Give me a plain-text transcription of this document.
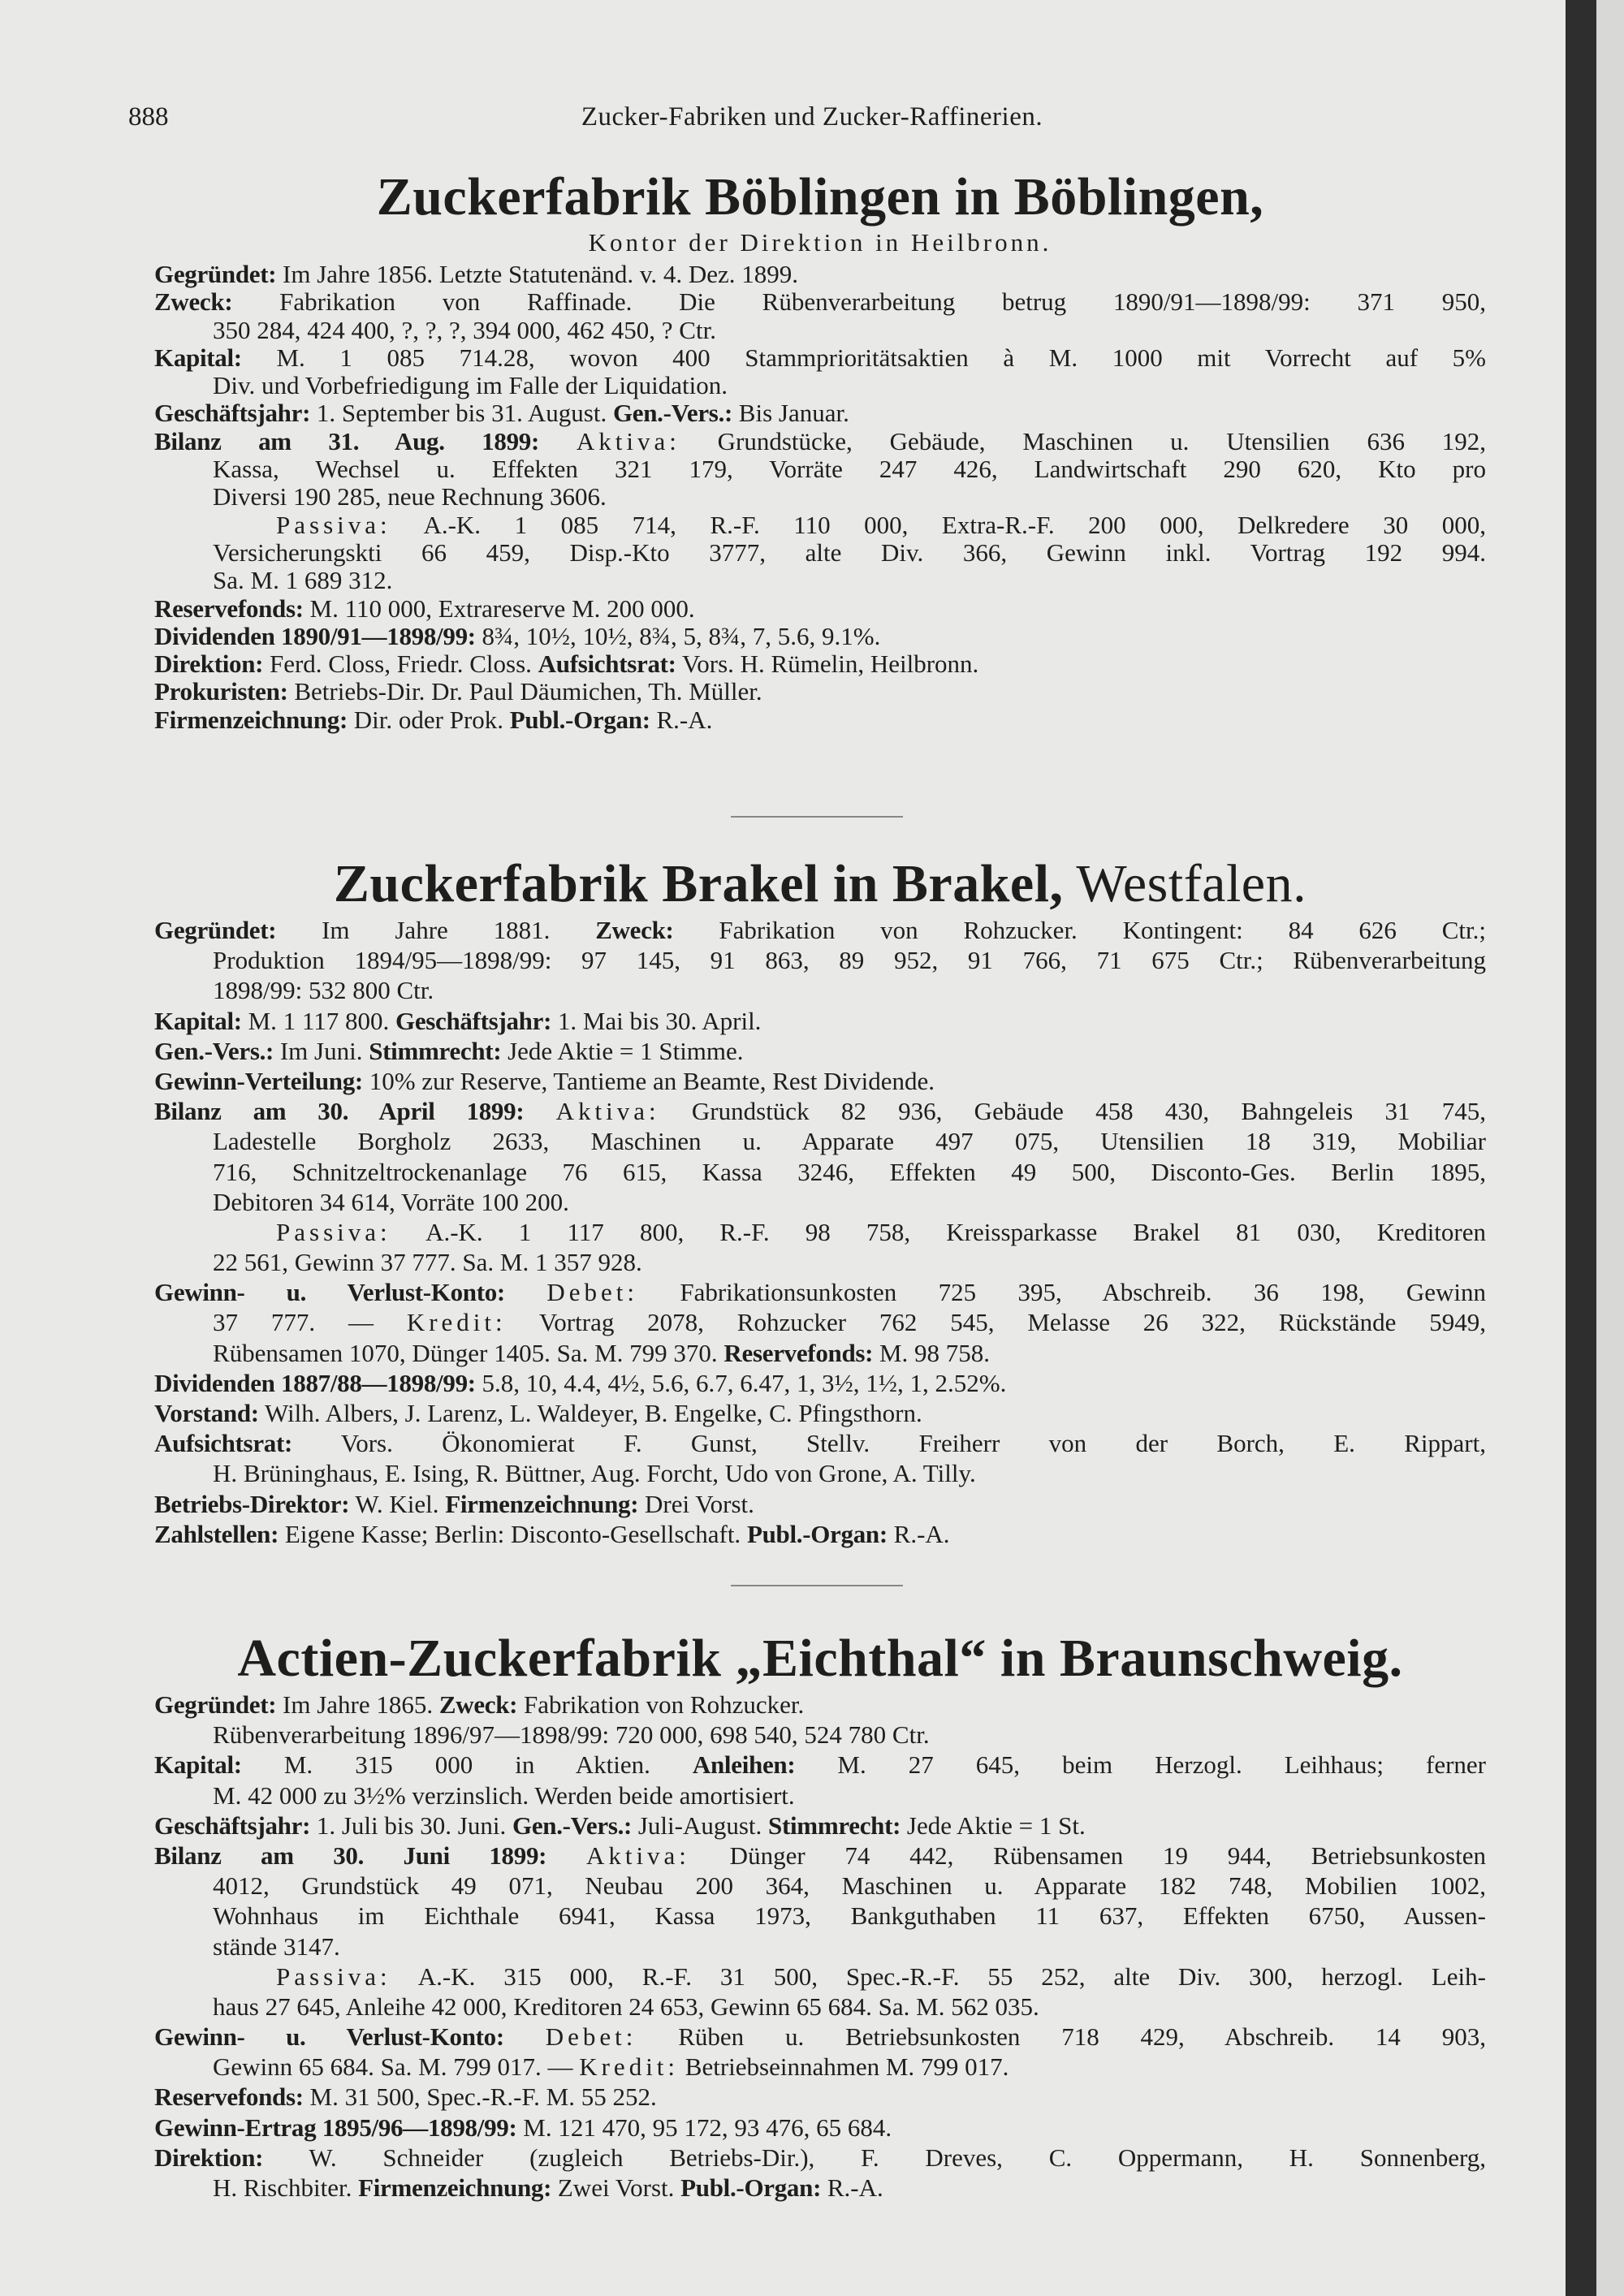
888	Zucker-Fabriken und Zucker-Raffinerien.
Zuckerfabrik Böblingen in Böblingen,
Kontor der Direktion in Heilbronn.
Gegründet: Im Jahre 1856. Letzte Statutenänd. v. 4. Dez. 1899.
Zweck: Fabrikation von Raffinade. Die Rübenverarbeitung betrug 1890/91—1898/99: 371 950,
350 284, 424 400, ?, ?, ?, 394 000, 462 450, ? Ctr.
Kapital: M. 1 085 714.28, wovon 400 Stammprioritätsaktien à M. 1000 mit Vorrecht auf 5%
Div. und Vorbefriedigung im Falle der Liquidation.
Geschäftsjahr: 1. September bis 31. August. Gen.-Vers.: Bis Januar.
Bilanz am 31. Aug. 1899: Aktiva: Grundstücke, Gebäude, Maschinen u. Utensilien 636 192,
Kassa, Wechsel u. Effekten 321 179, Vorräte 247 426, Landwirtschaft 290 620, Kto pro
Diversi 190 285, neue Rechnung 3606.
Passiva: A.-K. 1 085 714, R.-F. 110 000, Extra-R.-F. 200 000, Delkredere 30 000,
Versicherungskti 66 459, Disp.-Kto 3777, alte Div. 366, Gewinn inkl. Vortrag 192 994.
Sa. M. 1 689 312.
Reservefonds: M. 110 000, Extrareserve M. 200 000.
Dividenden 1890/91—1898/99: 8¾, 10½, 10½, 8¾, 5, 8¾, 7, 5.6, 9.1%.
Direktion: Ferd. Closs, Friedr. Closs. Aufsichtsrat: Vors. H. Rümelin, Heilbronn.
Prokuristen: Betriebs-Dir. Dr. Paul Däumichen, Th. Müller.
Firmenzeichnung: Dir. oder Prok. Publ.-Organ: R.-A.
Zuckerfabrik Brakel in Brakel, Westfalen.
Gegründet: Im Jahre 1881. Zweck: Fabrikation von Rohzucker. Kontingent: 84 626 Ctr.;
Produktion 1894/95—1898/99: 97 145, 91 863, 89 952, 91 766, 71 675 Ctr.; Rübenverarbeitung
1898/99: 532 800 Ctr.
Kapital: M. 1 117 800. Geschäftsjahr: 1. Mai bis 30. April.
Gen.-Vers.: Im Juni. Stimmrecht: Jede Aktie = 1 Stimme.
Gewinn-Verteilung: 10% zur Reserve, Tantieme an Beamte, Rest Dividende.
Bilanz am 30. April 1899: Aktiva: Grundstück 82 936, Gebäude 458 430, Bahngeleis 31 745,
Ladestelle Borgholz 2633, Maschinen u. Apparate 497 075, Utensilien 18 319, Mobiliar
716, Schnitzeltrockenanlage 76 615, Kassa 3246, Effekten 49 500, Disconto-Ges. Berlin 1895,
Debitoren 34 614, Vorräte 100 200.
Passiva: A.-K. 1 117 800, R.-F. 98 758, Kreissparkasse Brakel 81 030, Kreditoren
22 561, Gewinn 37 777. Sa. M. 1 357 928.
Gewinn- u. Verlust-Konto: Debet: Fabrikationsunkosten 725 395, Abschreib. 36 198, Gewinn
37 777. — Kredit: Vortrag 2078, Rohzucker 762 545, Melasse 26 322, Rückstände 5949,
Rübensamen 1070, Dünger 1405. Sa. M. 799 370. Reservefonds: M. 98 758.
Dividenden 1887/88—1898/99: 5.8, 10, 4.4, 4½, 5.6, 6.7, 6.47, 1, 3½, 1½, 1, 2.52%.
Vorstand: Wilh. Albers, J. Larenz, L. Waldeyer, B. Engelke, C. Pfingsthorn.
Aufsichtsrat: Vors. Ökonomierat F. Gunst, Stellv. Freiherr von der Borch, E. Rippart,
H. Brüninghaus, E. Ising, R. Büttner, Aug. Forcht, Udo von Grone, A. Tilly.
Betriebs-Direktor: W. Kiel. Firmenzeichnung: Drei Vorst.
Zahlstellen: Eigene Kasse; Berlin: Disconto-Gesellschaft. Publ.-Organ: R.-A.
Actien-Zuckerfabrik „Eichthal“ in Braunschweig.
Gegründet: Im Jahre 1865. Zweck: Fabrikation von Rohzucker.
Rübenverarbeitung 1896/97—1898/99: 720 000, 698 540, 524 780 Ctr.
Kapital: M. 315 000 in Aktien. Anleihen: M. 27 645, beim Herzogl. Leihhaus; ferner
M. 42 000 zu 3½% verzinslich. Werden beide amortisiert.
Geschäftsjahr: 1. Juli bis 30. Juni. Gen.-Vers.: Juli-August. Stimmrecht: Jede Aktie = 1 St.
Bilanz am 30. Juni 1899: Aktiva: Dünger 74 442, Rübensamen 19 944, Betriebsunkosten
4012, Grundstück 49 071, Neubau 200 364, Maschinen u. Apparate 182 748, Mobilien 1002,
Wohnhaus im Eichthale 6941, Kassa 1973, Bankguthaben 11 637, Effekten 6750, Aussen-
stände 3147.
Passiva: A.-K. 315 000, R.-F. 31 500, Spec.-R.-F. 55 252, alte Div. 300, herzogl. Leih-
haus 27 645, Anleihe 42 000, Kreditoren 24 653, Gewinn 65 684. Sa. M. 562 035.
Gewinn- u. Verlust-Konto: Debet: Rüben u. Betriebsunkosten 718 429, Abschreib. 14 903,
Gewinn 65 684. Sa. M. 799 017. — Kredit: Betriebseinnahmen M. 799 017.
Reservefonds: M. 31 500, Spec.-R.-F. M. 55 252.
Gewinn-Ertrag 1895/96—1898/99: M. 121 470, 95 172, 93 476, 65 684.
Direktion: W. Schneider (zugleich Betriebs-Dir.), F. Dreves, C. Oppermann, H. Sonnenberg,
H. Rischbiter. Firmenzeichnung: Zwei Vorst. Publ.-Organ: R.-A.
